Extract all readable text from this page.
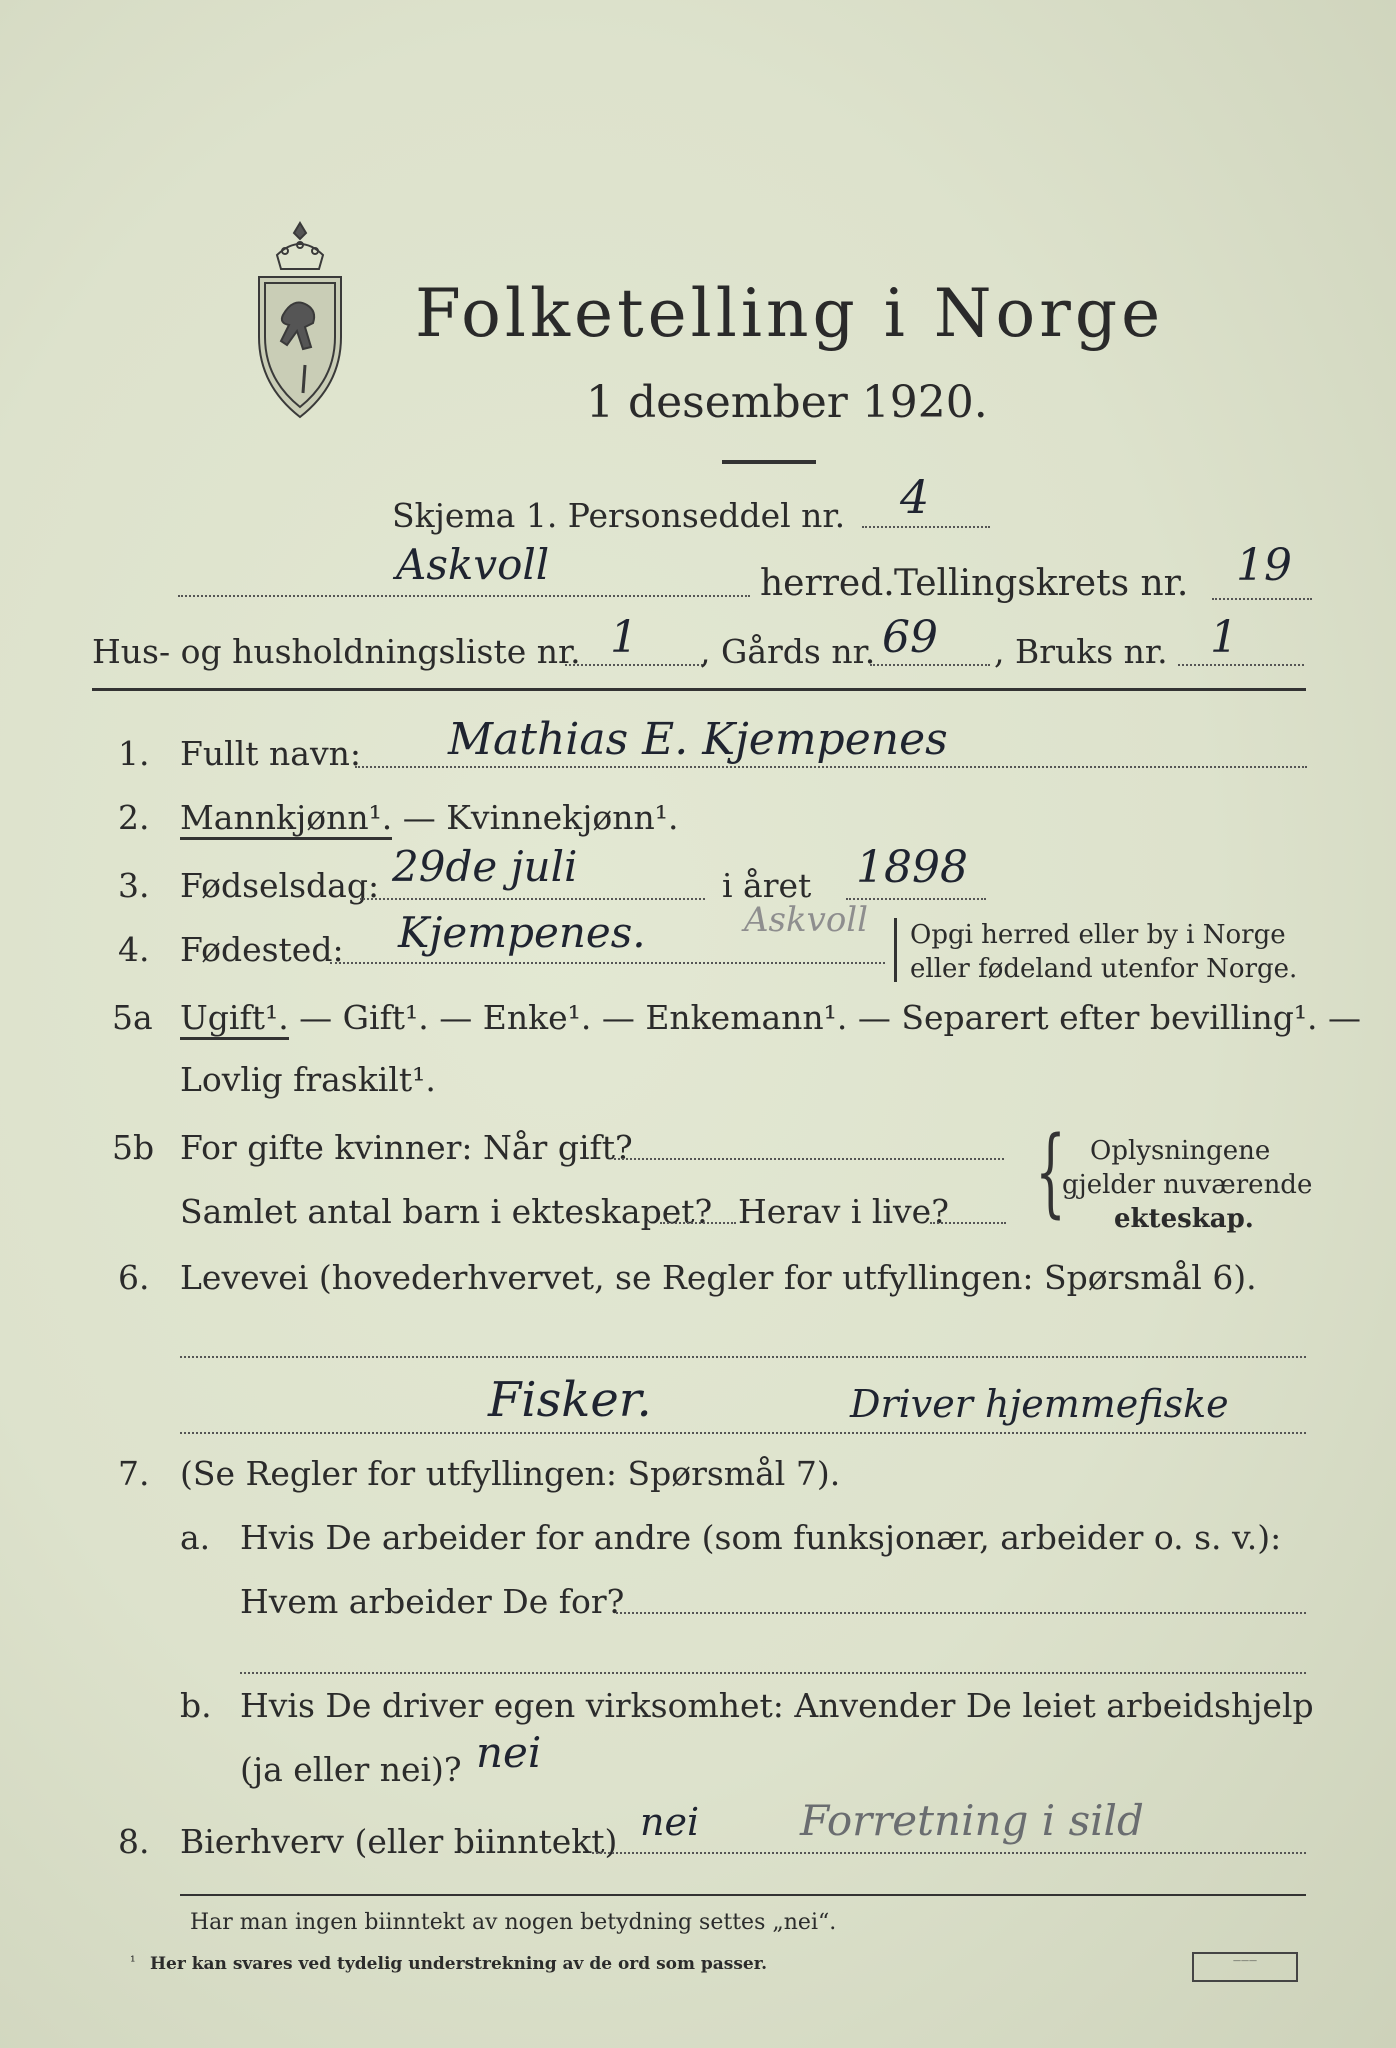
Folketelling i Norge
1 desember 1920.
Skjema 1. Personseddel nr. 4
Askvoll	herred. Tellingskrets nr. 19
Hus- og husholdningsliste nr. 1 , Gårds nr. 69 , Bruks nr. 1
1. Fullt navn: Mathias E. Kjempenes
2. Mannkjønn¹. — Kvinnekjønn¹.
3. Fødselsdag: 29de juli	i året 1898
4. Fødested: Kjempenes.	Askvoll Opgi herred eller by i Norge
eller fødeland utenfor Norge.
5a Ugift¹. — Gift¹. — Enke¹. — Enkemann¹. — Separert efter bevilling¹. —
Lovlig fraskilt¹.
5b For gifte kvinner: Når gift?
Samlet antal barn i ekteskapet? Herav i live? { Oplysningene
gjelder nuværende
ekteskap.
6. Levevei (hovederhvervet, se Regler for utfyllingen: Spørsmål 6).
Fisker.	Driver hjemmefiske
7. (Se Regler for utfyllingen: Spørsmål 7).
a. Hvis De arbeider for andre (som funksjonær, arbeider o. s. v.):
Hvem arbeider De for?
b. Hvis De driver egen virksomhet: Anvender De leiet arbeidshjelp
(ja eller nei)? nei
8. Bierhverv (eller biinntekt) nei Forretning i sild
Har man ingen biinntekt av nogen betydning settes „nei“.
¹ Her kan svares ved tydelig understrekning av de ord som passer.	———
